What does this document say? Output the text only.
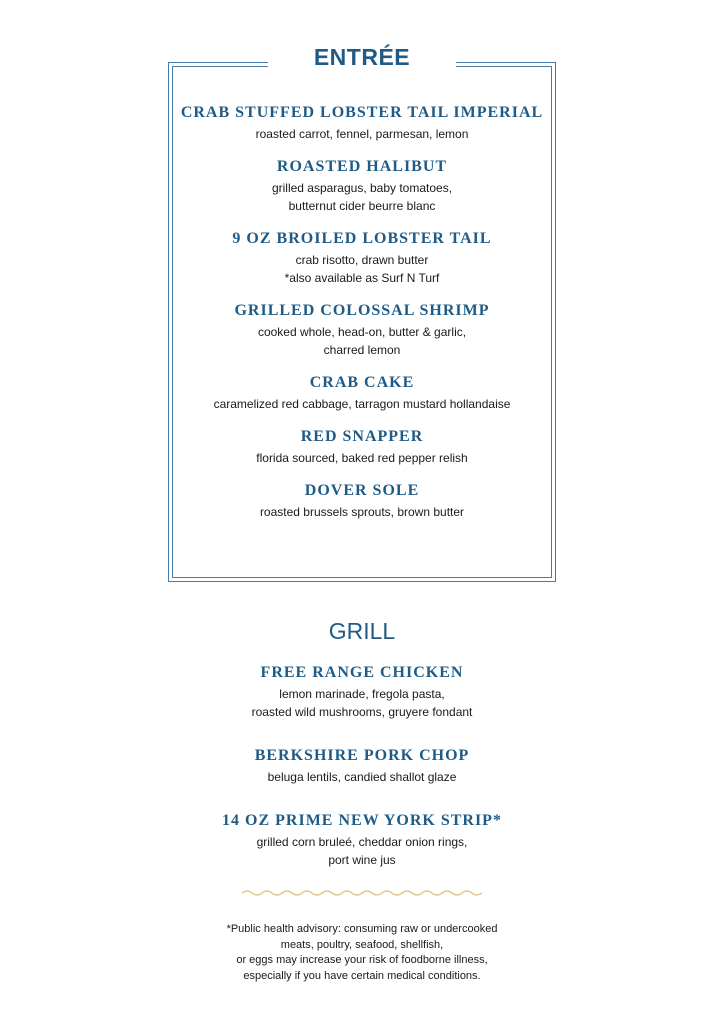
ENTRÉE
CRAB STUFFED LOBSTER TAIL IMPERIAL
roasted carrot, fennel, parmesan, lemon
ROASTED HALIBUT
grilled asparagus, baby tomatoes,
butternut cider beurre blanc
9 OZ BROILED LOBSTER TAIL
crab risotto, drawn butter
*also available as Surf N Turf
GRILLED COLOSSAL SHRIMP
cooked whole, head-on, butter & garlic,
charred lemon
CRAB CAKE
caramelized red cabbage, tarragon mustard hollandaise
RED SNAPPER
florida sourced, baked red pepper relish
DOVER SOLE
roasted brussels sprouts, brown butter
GRILL
FREE RANGE CHICKEN
lemon marinade, fregola pasta,
roasted wild mushrooms, gruyere fondant
BERKSHIRE PORK CHOP
beluga lentils, candied shallot glaze
14 OZ PRIME NEW YORK STRIP*
grilled corn bruleé, cheddar onion rings,
port wine jus
*Public health advisory: consuming raw or undercooked
meats, poultry, seafood, shellfish,
or eggs may increase your risk of foodborne illness,
especially if you have certain medical conditions.
